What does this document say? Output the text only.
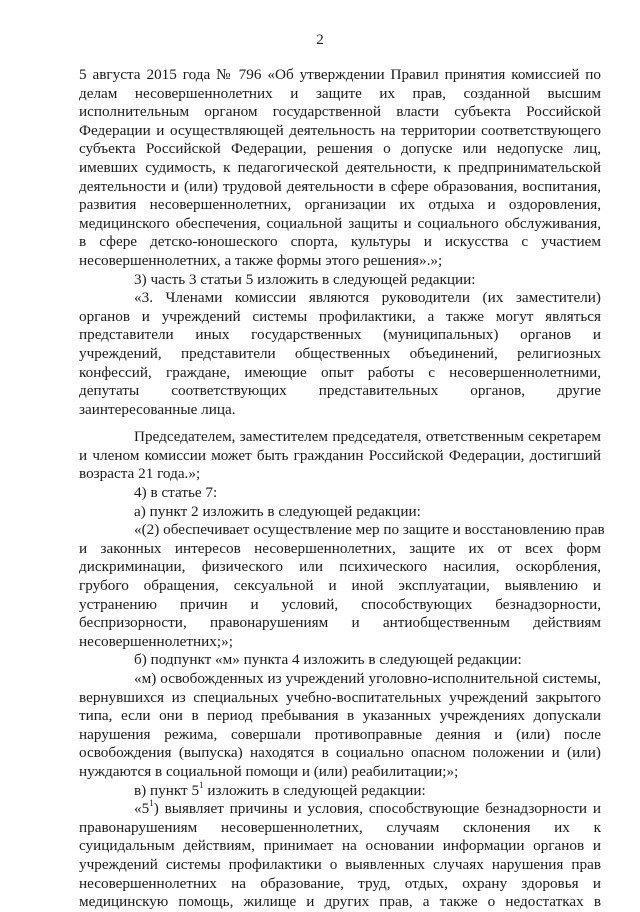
2
5 августа 2015 года № 796 «Об утверждении Правил принятия комиссией по
делам несовершеннолетних и защите их прав, созданной высшим
исполнительным органом государственной власти субъекта Российской
Федерации и осуществляющей деятельность на территории соответствующего
субъекта Российской Федерации, решения о допуске или недопуске лиц,
имевших судимость, к педагогической деятельности, к предпринимательской
деятельности и (или) трудовой деятельности в сфере образования, воспитания,
развития несовершеннолетних, организации их отдыха и оздоровления,
медицинского обеспечения, социальной защиты и социального обслуживания,
в сфере детско-юношеского спорта, культуры и искусства с участием
несовершеннолетних, а также формы этого решения».»;
3) часть 3 статьи 5 изложить в следующей редакции:
«3. Членами комиссии являются руководители (их заместители)
органов и учреждений системы профилактики, а также могут являться
представители иных государственных (муниципальных) органов и
учреждений, представители общественных объединений, религиозных
конфессий, граждане, имеющие опыт работы с несовершеннолетними,
депутаты соответствующих представительных органов, другие
заинтересованные лица.
Председателем, заместителем председателя, ответственным секретарем
и членом комиссии может быть гражданин Российской Федерации, достигший
возраста 21 года.»;
4) в статье 7:
а) пункт 2 изложить в следующей редакции:
«(2) обеспечивает осуществление мер по защите и восстановлению прав
и законных интересов несовершеннолетних, защите их от всех форм
дискриминации, физического или психического насилия, оскорбления,
грубого обращения, сексуальной и иной эксплуатации, выявлению и
устранению причин и условий, способствующих безнадзорности,
беспризорности, правонарушениям и антиобщественным действиям
несовершеннолетних;»;
б) подпункт «м» пункта 4 изложить в следующей редакции:
«м) освобожденных из учреждений уголовно-исполнительной системы,
вернувшихся из специальных учебно-воспитательных учреждений закрытого
типа, если они в период пребывания в указанных учреждениях допускали
нарушения режима, совершали противоправные деяния и (или) после
освобождения (выпуска) находятся в социально опасном положении и (или)
нуждаются в социальной помощи и (или) реабилитации;»;
в) пункт $5^1$ изложить в следующей редакции:
«$5^1$) выявляет причины и условия, способствующие безнадзорности и
правонарушениям несовершеннолетних, случаям склонения их к
суицидальным действиям, принимает на основании информации органов и
учреждений системы профилактики о выявленных случаях нарушения прав
несовершеннолетних на образование, труд, отдых, охрану здоровья и
медицинскую помощь, жилище и других прав, а также о недостатках в
